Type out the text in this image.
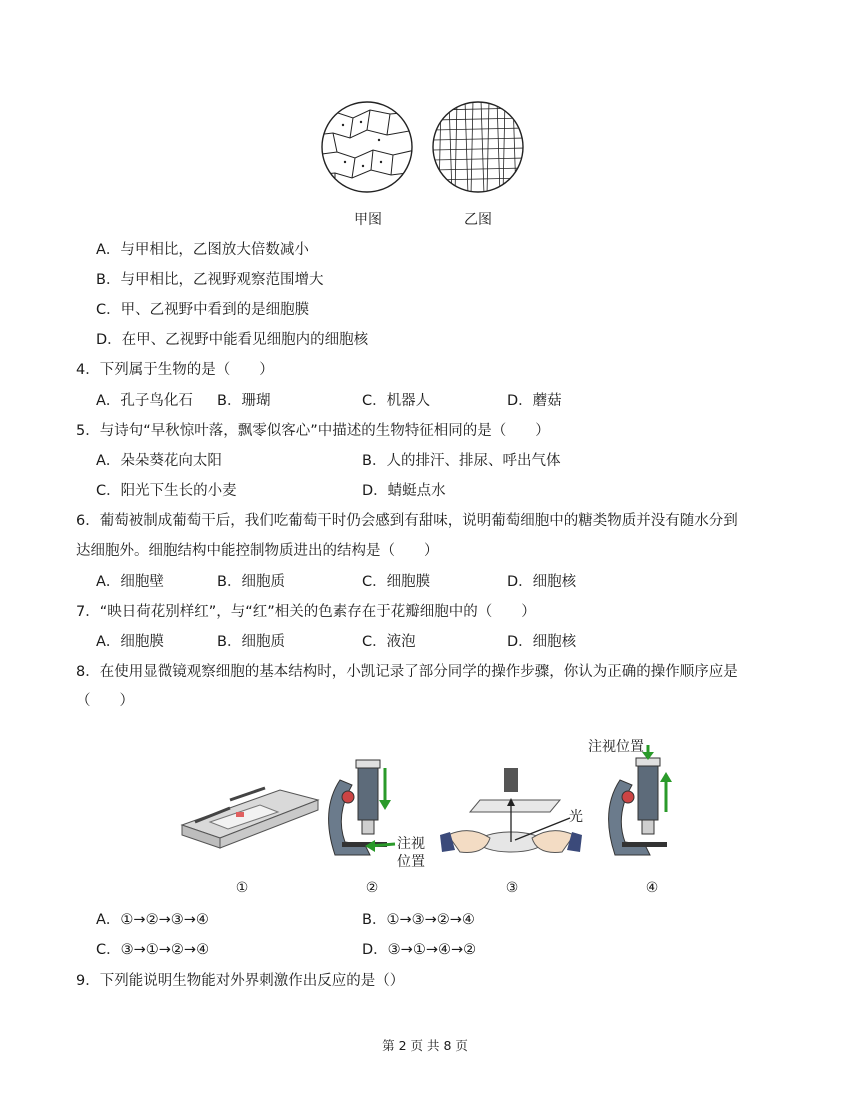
甲图	乙图
A．与甲相比，乙图放大倍数减小
B．与甲相比，乙视野观察范围增大
C．甲、乙视野中看到的是细胞膜
D．在甲、乙视野中能看见细胞内的细胞核
4．下列属于生物的是（　　）
A．孔子鸟化石 B．珊瑚	C．机器人	D．蘑菇
5．与诗句“早秋惊叶落，飘零似客心”中描述的生物特征相同的是（　　）
A．朵朵葵花向太阳	B．人的排汗、排尿、呼出气体
C．阳光下生长的小麦	D．蜻蜓点水
6．葡萄被制成葡萄干后，我们吃葡萄干时仍会感到有甜味，说明葡萄细胞中的糖类物质并没有随水分到
达细胞外。细胞结构中能控制物质进出的结构是（　　）
A．细胞壁	B．细胞质	C．细胞膜	D．细胞核
7．“映日荷花别样红”，与“红”相关的色素存在于花瓣细胞中的（　　）
A．细胞膜	B．细胞质	C．液泡	D．细胞核
8．在使用显微镜观察细胞的基本结构时，小凯记录了部分同学的操作步骤，你认为正确的操作顺序应是
（　　）
注视位置
注视
位置
光
①	②	③	④
A．①→②→③→④	B．①→③→②→④
C．③→①→②→④	D．③→①→④→②
9．下列能说明生物能对外界刺激作出反应的是（）
第 2 页 共 8 页
